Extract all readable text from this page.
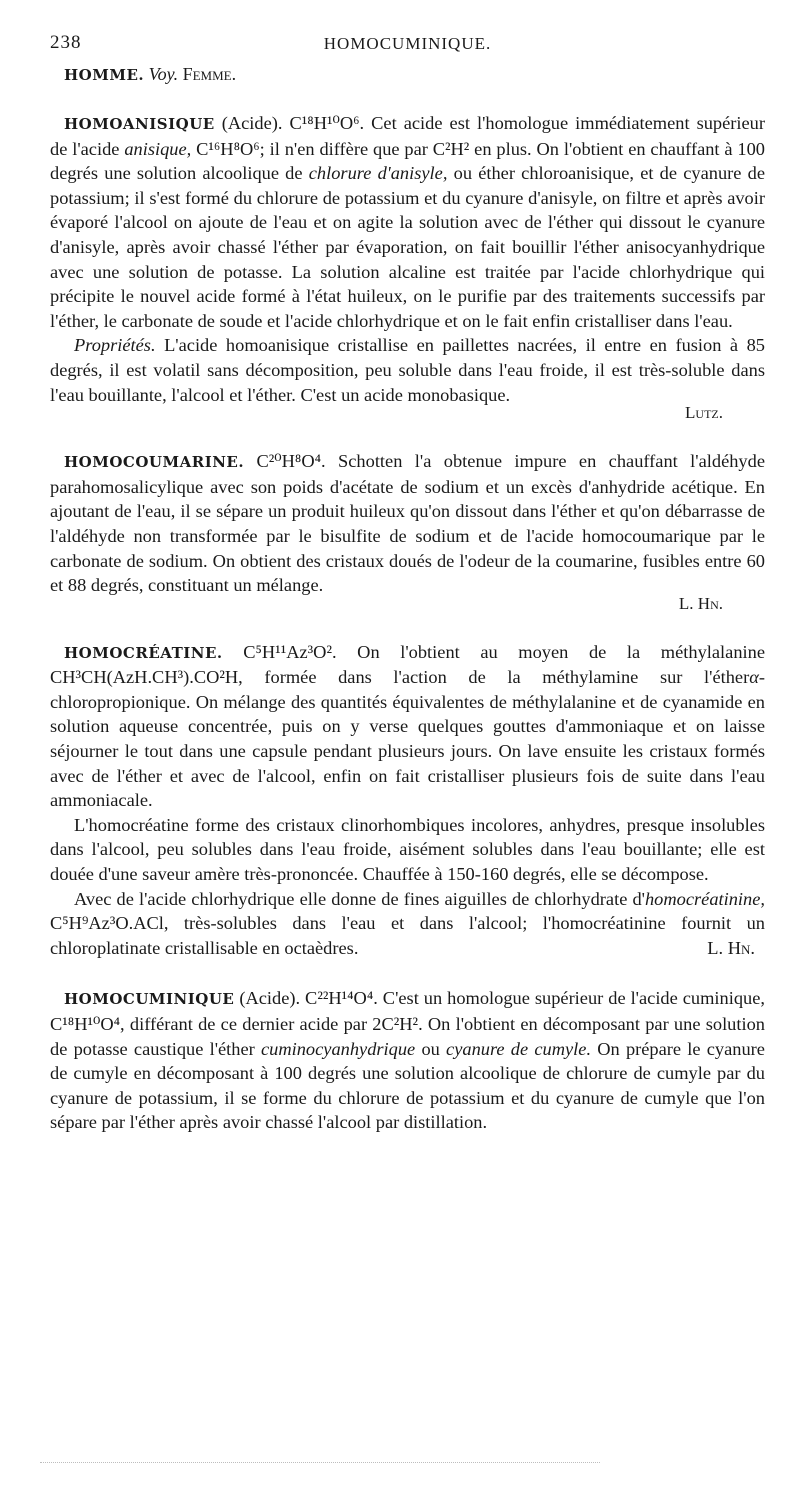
238	HOMOCUMINIQUE.
HOMME. Voy. Femme.

HOMOANISIQUE (Acide). C¹⁸H¹⁰O⁶. Cet acide est l'homologue immédiatement supérieur de l'acide anisique, C¹⁶H⁸O⁶; il n'en diffère que par C²H² en plus. On l'obtient en chauffant à 100 degrés une solution alcoolique de chlorure d'anisyle, ou éther chloroanisique, et de cyanure de potassium; il s'est formé du chlorure de potassium et du cyanure d'anisyle, on filtre et après avoir évaporé l'alcool on ajoute de l'eau et on agite la solution avec de l'éther qui dissout le cyanure d'anisyle, après avoir chassé l'éther par évaporation, on fait bouillir l'éther anisocyanhydrique avec une solution de potasse. La solution alcaline est traitée par l'acide chlorhydrique qui précipite le nouvel acide formé à l'état huileux, on le purifie par des traitements successifs par l'éther, le carbonate de soude et l'acide chlorhydrique et on le fait enfin cristalliser dans l'eau.

Propriétés. L'acide homoanisique cristallise en paillettes nacrées, il entre en fusion à 85 degrés, il est volatil sans décomposition, peu soluble dans l'eau froide, il est très-soluble dans l'eau bouillante, l'alcool et l'éther. C'est un acide monobasique.

Lutz.

HOMOCOUMARINE. C²⁰H⁸O⁴. Schotten l'a obtenue impure en chauffant l'aldéhyde parahomosalicylique avec son poids d'acétate de sodium et un excès d'anhydride acétique. En ajoutant de l'eau, il se sépare un produit huileux qu'on dissout dans l'éther et qu'on débarrasse de l'aldéhyde non transformée par le bisulfite de sodium et de l'acide homocoumarique par le carbonate de sodium. On obtient des cristaux doués de l'odeur de la coumarine, fusibles entre 60 et 88 degrés, constituant un mélange.

L. Hn.

HOMOCRÉATINE. C⁵H¹¹Az³O². On l'obtient au moyen de la méthylalanine CH³CH(AzH.CH³).CO²H, formée dans l'action de la méthylamine sur l'étherα-chloropropionique. On mélange des quantités équivalentes de méthylalanine et de cyanamide en solution aqueuse concentrée, puis on y verse quelques gouttes d'ammoniaque et on laisse séjourner le tout dans une capsule pendant plusieurs jours. On lave ensuite les cristaux formés avec de l'éther et avec de l'alcool, enfin on fait cristalliser plusieurs fois de suite dans l'eau ammoniacale.

L'homocréatine forme des cristaux clinorhombiques incolores, anhydres, presque insolubles dans l'alcool, peu solubles dans l'eau froide, aisément solubles dans l'eau bouillante; elle est douée d'une saveur amère très-prononcée. Chauffée à 150-160 degrés, elle se décompose.

Avec de l'acide chlorhydrique elle donne de fines aiguilles de chlorhydrate d'homocréatinine, C⁵H⁹Az³O.ACl, très-solubles dans l'eau et dans l'alcool; l'homocréatinine fournit un chloroplatinate cristallisable en octaèdres.	L. Hn.

HOMOCUMINIQUE (Acide). C²²H¹⁴O⁴. C'est un homologue supérieur de l'acide cuminique, C¹⁸H¹⁰O⁴, différant de ce dernier acide par 2C²H². On l'obtient en décomposant par une solution de potasse caustique l'éther cuminocyanhydrique ou cyanure de cumyle. On prépare le cyanure de cumyle en décomposant à 100 degrés une solution alcoolique de chlorure de cumyle par du cyanure de potassium, il se forme du chlorure de potassium et du cyanure de cumyle que l'on sépare par l'éther après avoir chassé l'alcool par distillation.
